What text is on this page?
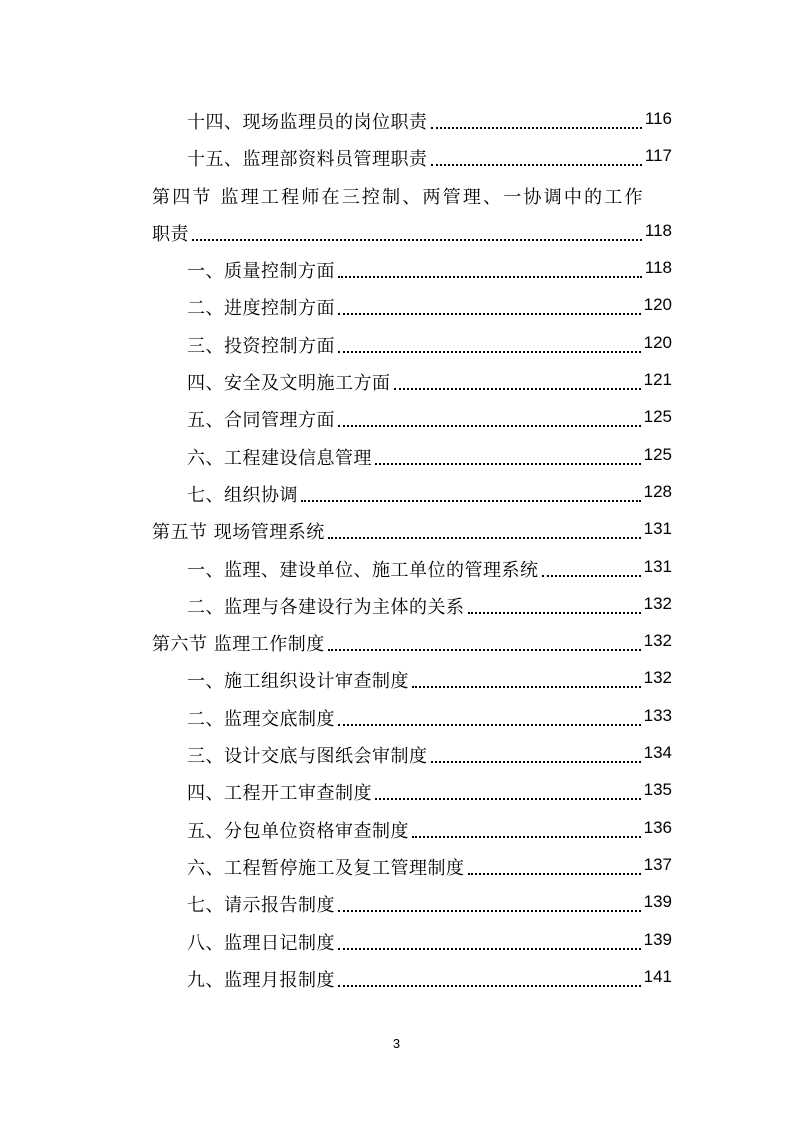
十四、现场监理员的岗位职责	116
十五、监理部资料员管理职责	117
第四节 监理工程师在三控制、两管理、一协调中的工作
职责	118
一、质量控制方面	118
二、进度控制方面	120
三、投资控制方面	120
四、安全及文明施工方面	121
五、合同管理方面	125
六、工程建设信息管理	125
七、组织协调	128
第五节 现场管理系统	131
一、监理、建设单位、施工单位的管理系统	131
二、监理与各建设行为主体的关系	132
第六节 监理工作制度	132
一、施工组织设计审查制度	132
二、监理交底制度	133
三、设计交底与图纸会审制度	134
四、工程开工审查制度	135
五、分包单位资格审查制度	136
六、工程暂停施工及复工管理制度	137
七、请示报告制度	139
八、监理日记制度	139
九、监理月报制度	141
3
